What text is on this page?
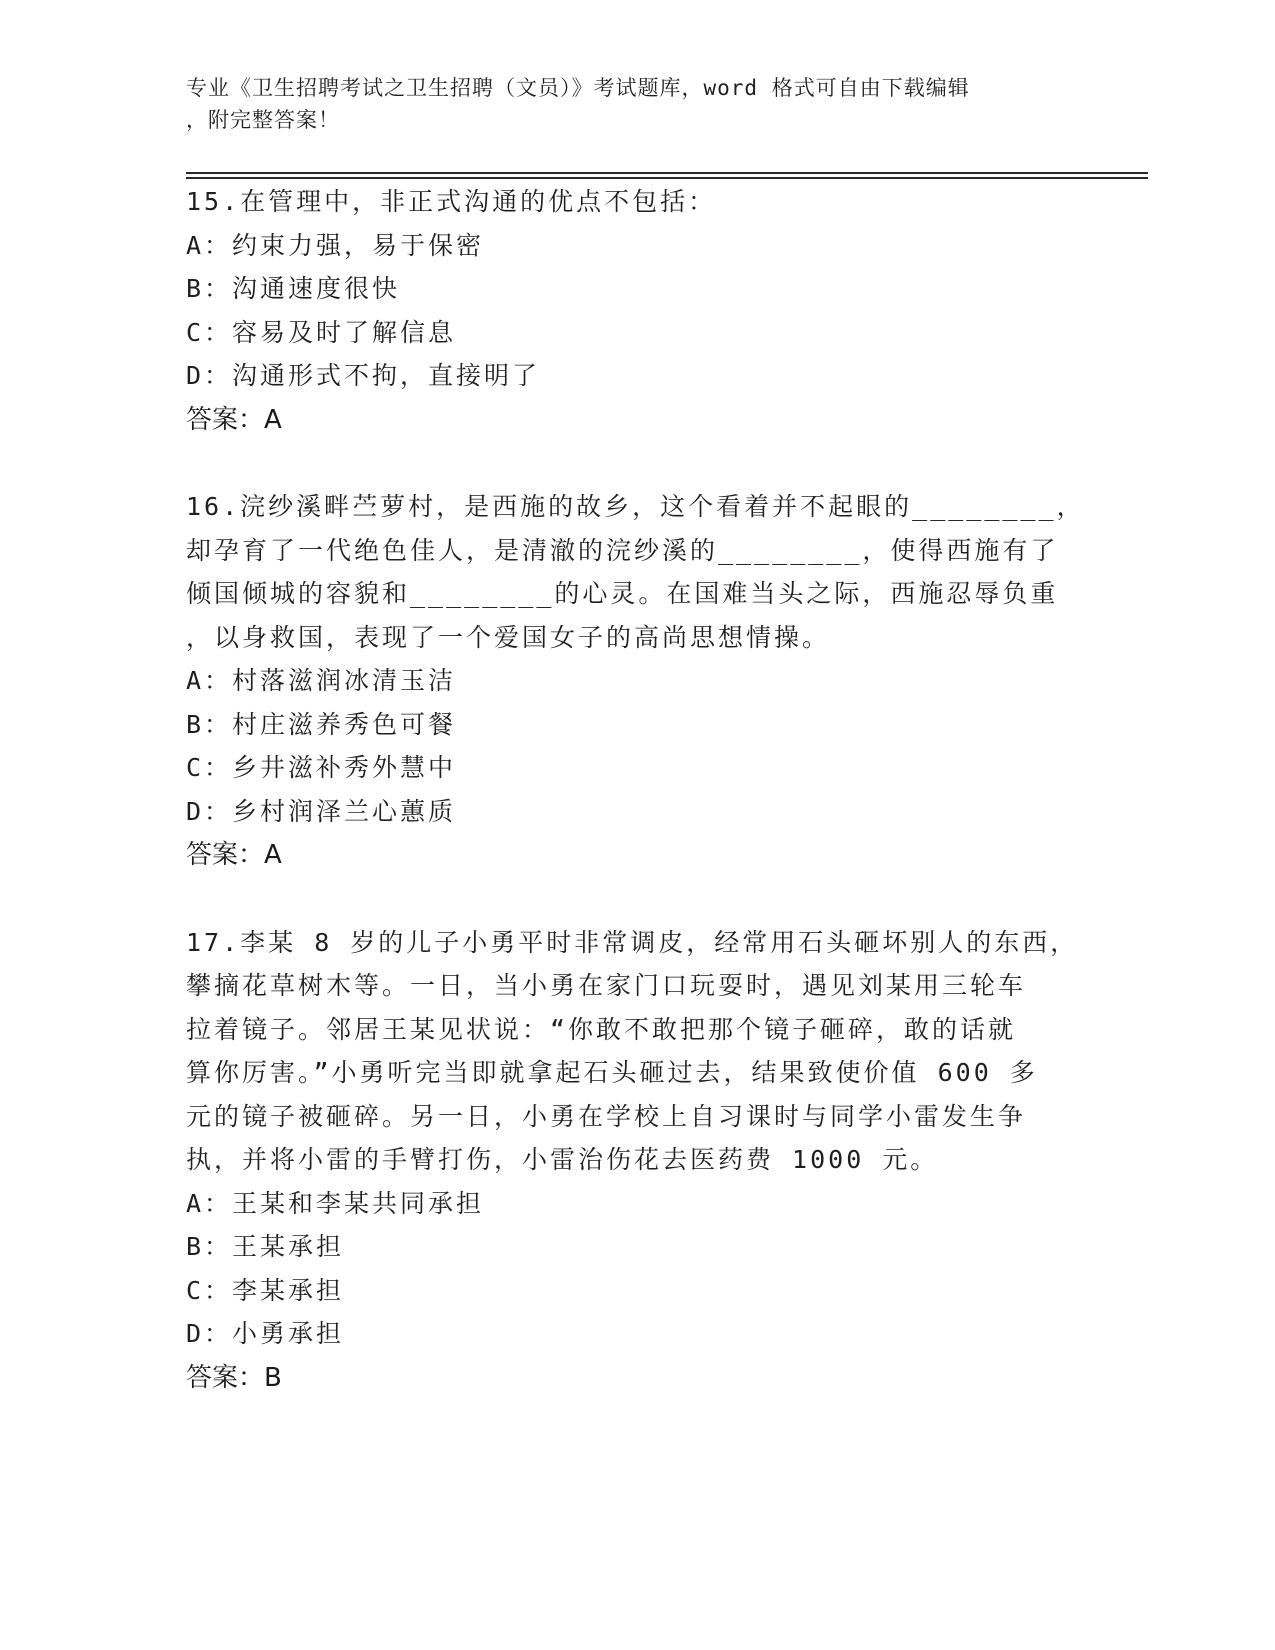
专业《卫生招聘考试之卫生招聘（文员）》考试题库，word 格式可自由下载编辑
，附完整答案！
15.在管理中，非正式沟通的优点不包括：
A：约束力强，易于保密
B：沟通速度很快
C：容易及时了解信息
D：沟通形式不拘，直接明了
答案：A
16.浣纱溪畔苎萝村，是西施的故乡，这个看着并不起眼的________，
却孕育了一代绝色佳人，是清澈的浣纱溪的________，使得西施有了
倾国倾城的容貌和________的心灵。在国难当头之际，西施忍辱负重
，以身救国，表现了一个爱国女子的高尚思想情操。
A：村落滋润冰清玉洁
B：村庄滋养秀色可餐
C：乡井滋补秀外慧中
D：乡村润泽兰心蕙质
答案：A
17.李某 8 岁的儿子小勇平时非常调皮，经常用石头砸坏别人的东西，
攀摘花草树木等。一日，当小勇在家门口玩耍时，遇见刘某用三轮车
拉着镜子。邻居王某见状说：“你敢不敢把那个镜子砸碎，敢的话就
算你厉害。”小勇听完当即就拿起石头砸过去，结果致使价值 600 多
元的镜子被砸碎。另一日，小勇在学校上自习课时与同学小雷发生争
执，并将小雷的手臂打伤，小雷治伤花去医药费 1000 元。
A：王某和李某共同承担
B：王某承担
C：李某承担
D：小勇承担
答案：B
